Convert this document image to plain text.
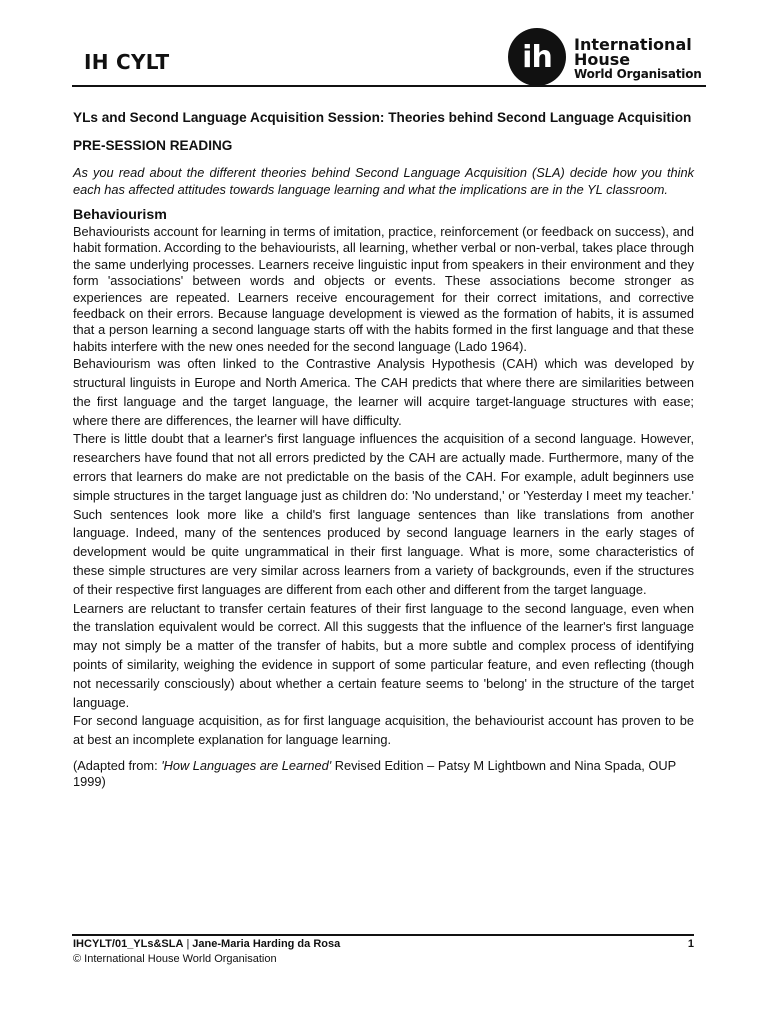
IH CYLT	ih	International
House
World Organisation
YLs and Second Language Acquisition Session: Theories behind Second Language Acquisition
PRE-SESSION READING

As you read about the different theories behind Second Language Acquisition (SLA) decide how you think each has affected attitudes towards language learning and what the implications are in the YL classroom.

Behaviourism

Behaviourists account for learning in terms of imitation, practice, reinforcement (or feedback on success), and habit formation. According to the behaviourists, all learning, whether verbal or non-verbal, takes place through the same underlying processes. Learners receive linguistic input from speakers in their environment and they form 'associations' between words and objects or events. These associations become stronger as experiences are repeated. Learners receive encouragement for their correct imitations, and corrective feedback on their errors. Because language development is viewed as the formation of habits, it is assumed that a person learning a second language starts off with the habits formed in the first language and that these habits interfere with the new ones needed for the second language (Lado 1964).

Behaviourism was often linked to the Contrastive Analysis Hypothesis (CAH) which was developed by structural linguists in Europe and North America. The CAH predicts that where there are similarities between the first language and the target language, the learner will acquire target-language structures with ease; where there are differences, the learner will have difficulty.

There is little doubt that a learner's first language influences the acquisition of a second language. However, researchers have found that not all errors predicted by the CAH are actually made. Furthermore, many of the errors that learners do make are not predictable on the basis of the CAH. For example, adult beginners use simple structures in the target language just as children do: 'No understand,' or 'Yesterday I meet my teacher.' Such sentences look more like a child's first language sentences than like translations from another language. Indeed, many of the sentences produced by second language learners in the early stages of development would be quite ungrammatical in their first language. What is more, some characteristics of these simple structures are very similar across learners from a variety of backgrounds, even if the structures of their respective first languages are different from each other and different from the target language.

Learners are reluctant to transfer certain features of their first language to the second language, even when the translation equivalent would be correct. All this suggests that the influence of the learner's first language may not simply be a matter of the transfer of habits, but a more subtle and complex process of identifying points of similarity, weighing the evidence in support of some particular feature, and even reflecting (though not necessarily consciously) about whether a certain feature seems to 'belong' in the structure of the target language.

For second language acquisition, as for first language acquisition, the behaviourist account has proven to be at best an incomplete explanation for language learning.

(Adapted from: 'How Languages are Learned' Revised Edition – Patsy M Lightbown and Nina Spada, OUP 1999)

IHCYLT/01_YLs&SLA | Jane-Maria Harding da Rosa	1
© International House World Organisation
